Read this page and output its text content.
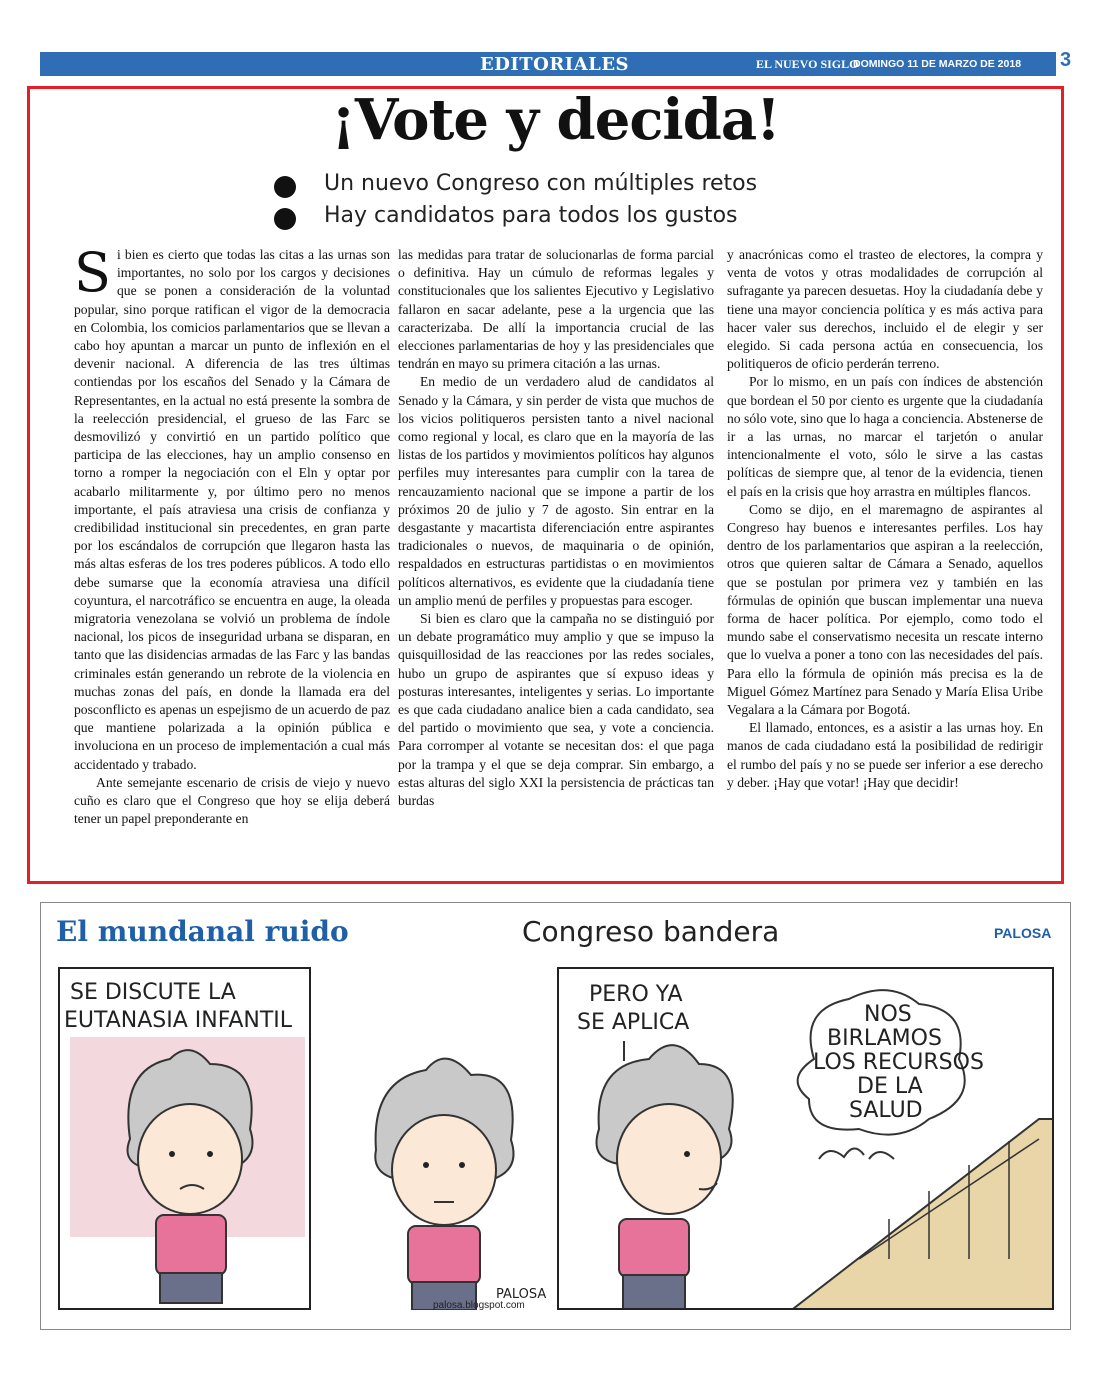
EDITORIALES	EL NUEVO SIGLO
DOMINGO 11 DE MARZO DE 2018 3
¡Vote y decida!
Un nuevo Congreso con múltiples retos
Hay candidatos para todos los gustos

Si bien es cierto que todas las citas a las urnas son importantes, no solo por los cargos y decisiones que se ponen a consideración de la voluntad popular, sino porque ratifican el vigor de la democracia en Colombia, los comicios parlamentarios que se llevan a cabo hoy apuntan a marcar un punto de inflexión en el devenir nacional. A diferencia de las tres últimas contiendas por los escaños del Senado y la Cámara de Representantes, en la actual no está presente la sombra de la reelección presidencial, el grueso de las Farc se desmovilizó y convirtió en un partido político que participa de las elecciones, hay un amplio consenso en torno a romper la negociación con el Eln y optar por acabarlo militarmente y, por último pero no menos importante, el país atraviesa una crisis de confianza y credibilidad institucional sin precedentes, en gran parte por los escándalos de corrupción que llegaron hasta las más altas esferas de los tres poderes públicos. A todo ello debe sumarse que la economía atraviesa una difícil coyuntura, el narcotráfico se encuentra en auge, la oleada migratoria venezolana se volvió un problema de índole nacional, los picos de inseguridad urbana se disparan, en tanto que las disidencias armadas de las Farc y las bandas criminales están generando un rebrote de la violencia en muchas zonas del país, en donde la llamada era del posconflicto es apenas un espejismo de un acuerdo de paz que mantiene polarizada a la opinión pública e involuciona en un proceso de implementación a cual más accidentado y trabado.

Ante semejante escenario de crisis de viejo y nuevo cuño es claro que el Congreso que hoy se elija deberá tener un papel preponderante en

las medidas para tratar de solucionarlas de forma parcial o definitiva. Hay un cúmulo de reformas legales y constitucionales que los salientes Ejecutivo y Legislativo fallaron en sacar adelante, pese a la urgencia que las caracterizaba. De allí la importancia crucial de las elecciones parlamentarias de hoy y las presidenciales que tendrán en mayo su primera citación a las urnas.

En medio de un verdadero alud de candidatos al Senado y la Cámara, y sin perder de vista que muchos de los vicios politiqueros persisten tanto a nivel nacional como regional y local, es claro que en la mayoría de las listas de los partidos y movimientos políticos hay algunos perfiles muy interesantes para cumplir con la tarea de rencauzamiento nacional que se impone a partir de los próximos 20 de julio y 7 de agosto. Sin entrar en la desgastante y macartista diferenciación entre aspirantes tradicionales o nuevos, de maquinaria o de opinión, respaldados en estructuras partidistas o en movimientos políticos alternativos, es evidente que la ciudadanía tiene un amplio menú de perfiles y propuestas para escoger.

Si bien es claro que la campaña no se distinguió por un debate programático muy amplio y que se impuso la quisquillosidad de las reacciones por las redes sociales, hubo un grupo de aspirantes que sí expuso ideas y posturas interesantes, inteligentes y serias. Lo importante es que cada ciudadano analice bien a cada candidato, sea del partido o movimiento que sea, y vote a conciencia. Para corromper al votante se necesitan dos: el que paga por la trampa y el que se deja comprar. Sin embargo, a estas alturas del siglo XXI la persistencia de prácticas tan burdas

y anacrónicas como el trasteo de electores, la compra y venta de votos y otras modalidades de corrupción al sufragante ya parecen desuetas. Hoy la ciudadanía debe y tiene una mayor conciencia política y es más activa para hacer valer sus derechos, incluido el de elegir y ser elegido. Si cada persona actúa en consecuencia, los politiqueros de oficio perderán terreno.

Por lo mismo, en un país con índices de abstención que bordean el 50 por ciento es urgente que la ciudadanía no sólo vote, sino que lo haga a conciencia. Abstenerse de ir a las urnas, no marcar el tarjetón o anular intencionalmente el voto, sólo le sirve a las castas políticas de siempre que, al tenor de la evidencia, tienen el país en la crisis que hoy arrastra en múltiples flancos.

Como se dijo, en el maremagno de aspirantes al Congreso hay buenos e interesantes perfiles. Los hay dentro de los parlamentarios que aspiran a la reelección, otros que quieren saltar de Cámara a Senado, aquellos que se postulan por primera vez y también en las fórmulas de opinión que buscan implementar una nueva forma de hacer política. Por ejemplo, como todo el mundo sabe el conservatismo necesita un rescate interno que lo vuelva a poner a tono con las necesidades del país. Para ello la fórmula de opinión más precisa es la de Miguel Gómez Martínez para Senado y María Elisa Uribe Vegalara a la Cámara por Bogotá.

El llamado, entonces, es a asistir a las urnas hoy. En manos de cada ciudadano está la posibilidad de redirigir el rumbo del país y no se puede ser inferior a ese derecho y deber. ¡Hay que votar! ¡Hay que decidir!

El mundanal ruido	Congreso bandera	PALOSA
SE DISCUTE LA
EUTANASIA INFANTIL
PALOSA
palosa.blogspot.com
PERO YA
SE APLICA	NOS
BIRLAMOS
LOS RECURSOS
DE LA
SALUD
